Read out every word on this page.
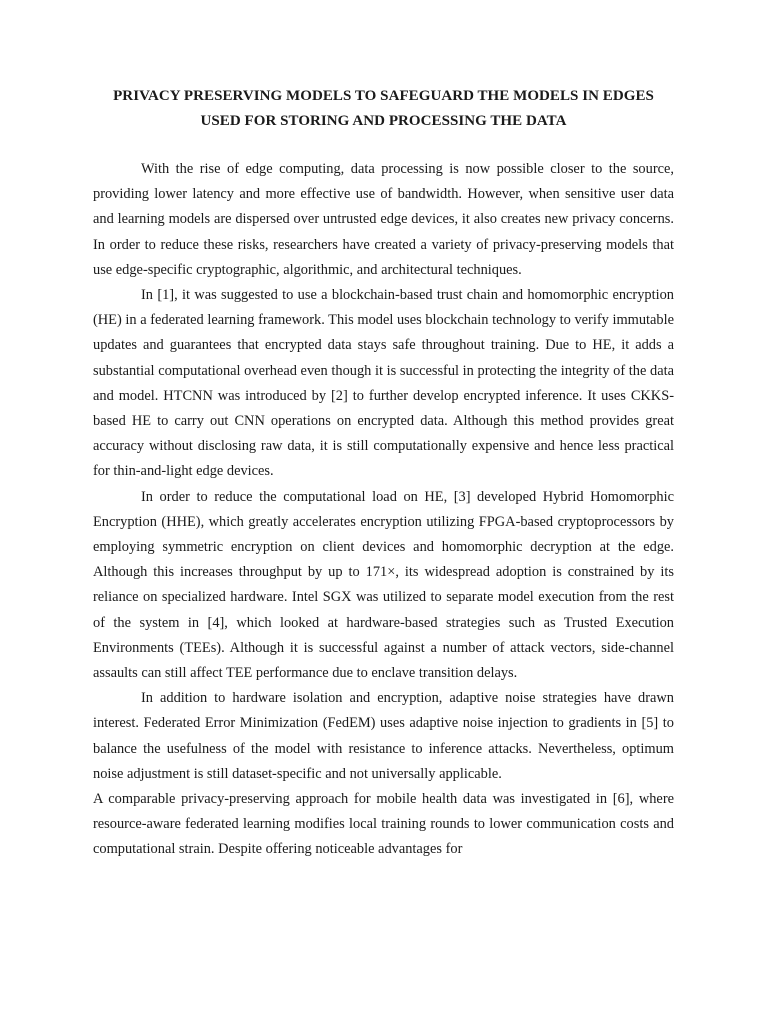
PRIVACY PRESERVING MODELS TO SAFEGUARD THE MODELS IN EDGES
USED FOR STORING AND PROCESSING THE DATA

With the rise of edge computing, data processing is now possible closer to the source, providing lower latency and more effective use of bandwidth. However, when sensitive user data and learning models are dispersed over untrusted edge devices, it also creates new privacy concerns. In order to reduce these risks, researchers have created a variety of privacy-preserving models that use edge-specific cryptographic, algorithmic, and architectural techniques.

In [1], it was suggested to use a blockchain-based trust chain and homomorphic encryption (HE) in a federated learning framework. This model uses blockchain technology to verify immutable updates and guarantees that encrypted data stays safe throughout training. Due to HE, it adds a substantial computational overhead even though it is successful in protecting the integrity of the data and model. HTCNN was introduced by [2] to further develop encrypted inference. It uses CKKS-based HE to carry out CNN operations on encrypted data. Although this method provides great accuracy without disclosing raw data, it is still computationally expensive and hence less practical for thin-and-light edge devices.

In order to reduce the computational load on HE, [3] developed Hybrid Homomorphic Encryption (HHE), which greatly accelerates encryption utilizing FPGA-based cryptoprocessors by employing symmetric encryption on client devices and homomorphic decryption at the edge. Although this increases throughput by up to 171×, its widespread adoption is constrained by its reliance on specialized hardware. Intel SGX was utilized to separate model execution from the rest of the system in [4], which looked at hardware-based strategies such as Trusted Execution Environments (TEEs). Although it is successful against a number of attack vectors, side-channel assaults can still affect TEE performance due to enclave transition delays.

In addition to hardware isolation and encryption, adaptive noise strategies have drawn interest. Federated Error Minimization (FedEM) uses adaptive noise injection to gradients in [5] to balance the usefulness of the model with resistance to inference attacks. Nevertheless, optimum noise adjustment is still dataset-specific and not universally applicable.

A comparable privacy-preserving approach for mobile health data was investigated in [6], where resource-aware federated learning modifies local training rounds to lower communication costs and computational strain. Despite offering noticeable advantages for
